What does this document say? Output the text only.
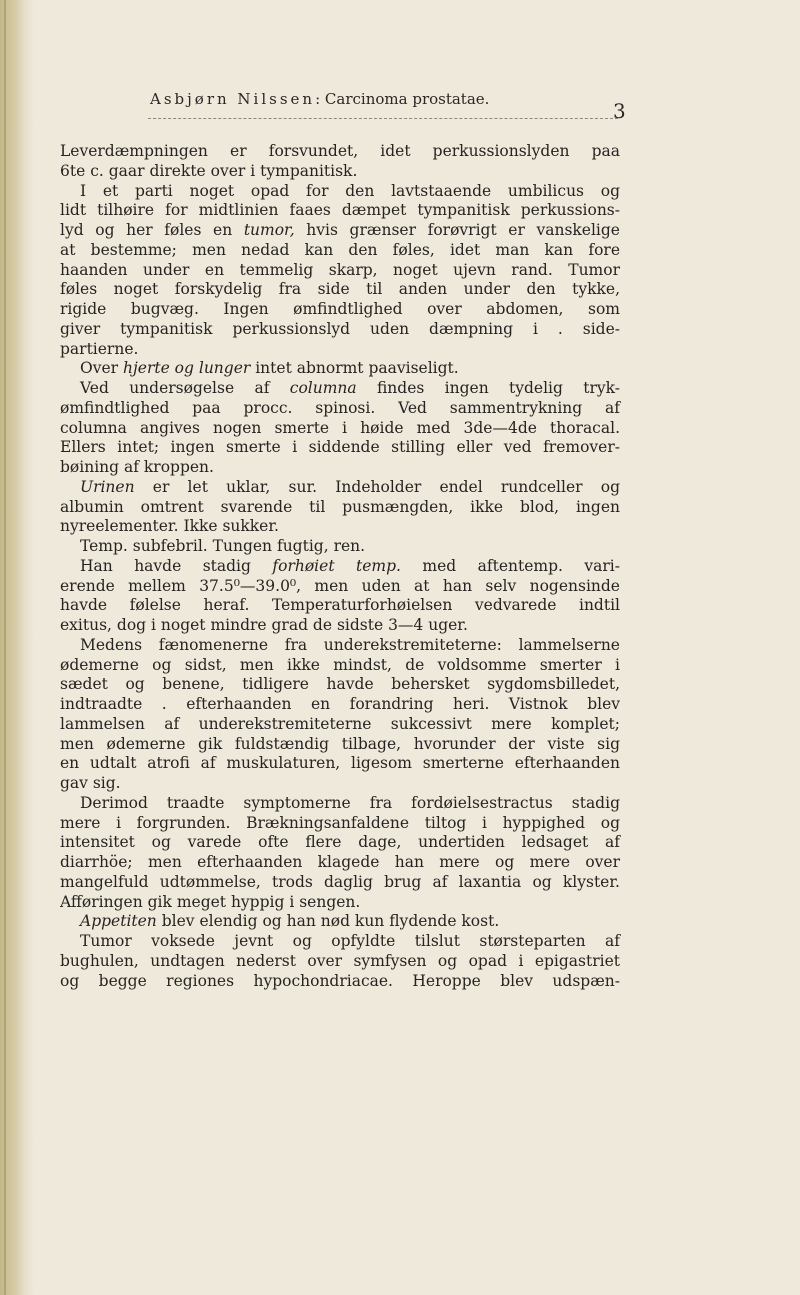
Asbjørn Nilssen: Carcinoma prostatae.	3
Leverdæmpningen er forsvundet, idet perkussionslyden paa
6te c. gaar direkte over i tympanitisk.
I et parti noget opad for den lavtstaaende umbilicus og
lidt tilhøire for midtlinien faaes dæmpet tympanitisk perkussions-
lyd og her føles en tumor, hvis grænser forøvrigt er vanskelige
at bestemme; men nedad kan den føles, idet man kan fore
haanden under en temmelig skarp, noget ujevn rand. Tumor
føles noget forskydelig fra side til anden under den tykke,
rigide bugvæg. Ingen ømfindtlighed over abdomen, som
giver tympanitisk perkussionslyd uden dæmpning i . side-
partierne.
Over hjerte og lunger intet abnormt paaviseligt.
Ved undersøgelse af columna findes ingen tydelig tryk-
ømfindtlighed paa procc. spinosi. Ved sammentrykning af
columna angives nogen smerte i høide med 3de—4de thoracal.
Ellers intet; ingen smerte i siddende stilling eller ved fremover-
bøining af kroppen.
Urinen er let uklar, sur. Indeholder endel rundceller og
albumin omtrent svarende til pusmængden, ikke blod, ingen
nyreelementer. Ikke sukker.
Temp. subfebril. Tungen fugtig, ren.
Han havde stadig forhøiet temp. med aftentemp. vari-
erende mellem 37.5⁰—39.0⁰, men uden at han selv nogensinde
havde følelse heraf. Temperaturforhøielsen vedvarede indtil
exitus, dog i noget mindre grad de sidste 3—4 uger.
Medens fænomenerne fra underekstremiteterne: lammelserne
ødemerne og sidst, men ikke mindst, de voldsomme smerter i
sædet og benene, tidligere havde behersket sygdomsbilledet,
indtraadte . efterhaanden en forandring heri. Vistnok blev
lammelsen af underekstremiteterne sukcessivt mere komplet;
men ødemerne gik fuldstændig tilbage, hvorunder der viste sig
en udtalt atrofi af muskulaturen, ligesom smerterne efterhaanden
gav sig.
Derimod traadte symptomerne fra fordøielsestractus stadig
mere i forgrunden. Brækningsanfaldene tiltog i hyppighed og
intensitet og varede ofte flere dage, undertiden ledsaget af
diarrhöe; men efterhaanden klagede han mere og mere over
mangelfuld udtømmelse, trods daglig brug af laxantia og klyster.
Afføringen gik meget hyppig i sengen.
Appetiten blev elendig og han nød kun flydende kost.
Tumor voksede jevnt og opfyldte tilslut størsteparten af
bughulen, undtagen nederst over symfysen og opad i epigastriet
og begge regiones hypochondriacae. Heroppe blev udspæn-
